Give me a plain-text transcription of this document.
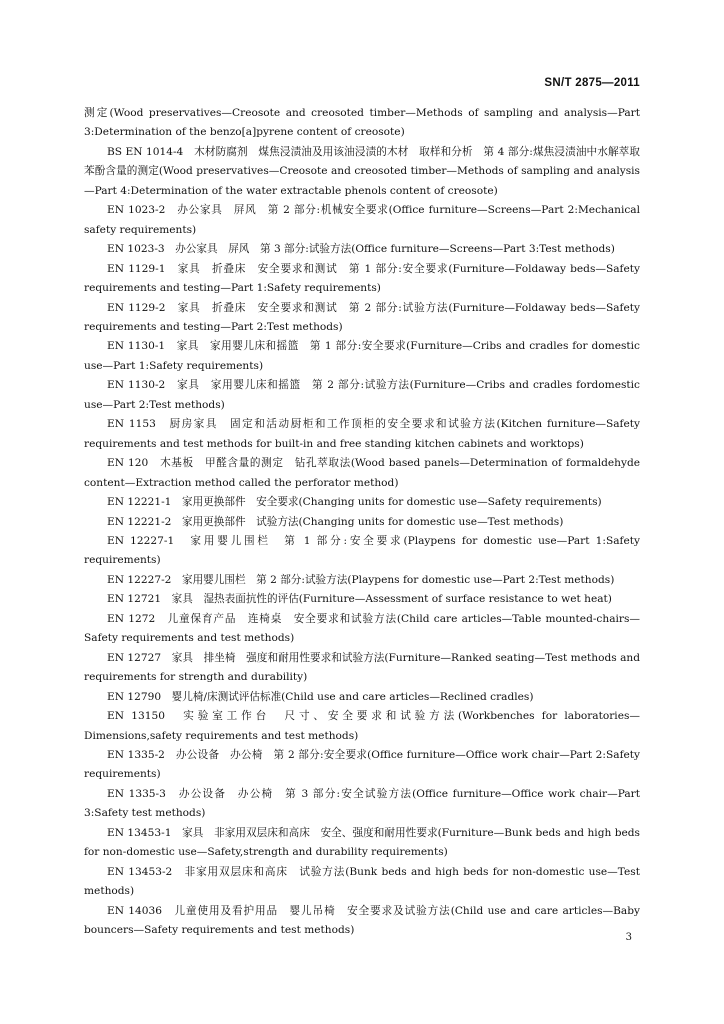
SN/T 2875—2011

测定(Wood preservatives—Creosote and creosoted timber—Methods of sampling and analysis—Part 3:Determination of the benzo[a]pyrene content of creosote)

BS EN 1014-4　木材防腐剂　煤焦浸渍油及用该油浸渍的木材　取样和分析　第 4 部分:煤焦浸渍油中水解萃取苯酚含量的测定(Wood preservatives—Creosote and creosoted timber—Methods of sampling and analysis—Part 4:Determination of the water extractable phenols content of creosote)

EN 1023-2　办公家具　屏风　第 2 部分:机械安全要求(Office furniture—Screens—Part 2:Mechanical safety requirements)

EN 1023-3　办公家具　屏风　第 3 部分:试验方法(Office furniture—Screens—Part 3:Test methods)

EN 1129-1　家具　折叠床　安全要求和测试　第 1 部分:安全要求(Furniture—Foldaway beds—Safety requirements and testing—Part 1:Safety requirements)

EN 1129-2　家具　折叠床　安全要求和测试　第 2 部分:试验方法(Furniture—Foldaway beds—Safety requirements and testing—Part 2:Test methods)

EN 1130-1　家具　家用婴儿床和摇篮　第 1 部分:安全要求(Furniture—Cribs and cradles for domestic use—Part 1:Safety requirements)

EN 1130-2　家具　家用婴儿床和摇篮　第 2 部分:试验方法(Furniture—Cribs and cradles fordomestic use—Part 2:Test methods)

EN 1153　厨房家具　固定和活动厨柜和工作顶柜的安全要求和试验方法(Kitchen furniture—Safety requirements and test methods for built-in and free standing kitchen cabinets and worktops)

EN 120　木基板　甲醛含量的测定　钻孔萃取法(Wood based panels—Determination of formaldehyde content—Extraction method called the perforator method)

EN 12221-1　家用更换部件　安全要求(Changing units for domestic use—Safety requirements)

EN 12221-2　家用更换部件　试验方法(Changing units for domestic use—Test methods)

EN 12227-1　家用婴儿围栏　第 1 部分:安全要求(Playpens for domestic use—Part 1:Safety requirements)

EN 12227-2　家用婴儿围栏　第 2 部分:试验方法(Playpens for domestic use—Part 2:Test methods)

EN 12721　家具　湿热表面抗性的评估(Furniture—Assessment of surface resistance to wet heat)

EN 1272　儿童保育产品　连椅桌　安全要求和试验方法(Child care articles—Table mounted-chairs—Safety requirements and test methods)

EN 12727　家具　排坐椅　强度和耐用性要求和试验方法(Furniture—Ranked seating—Test methods and requirements for strength and durability)

EN 12790　婴儿椅/床测试评估标准(Child use and care articles—Reclined cradles)

EN 13150　实验室工作台　尺寸、安全要求和试验方法(Workbenches for laboratories—Dimensions,safety requirements and test methods)

EN 1335-2　办公设备　办公椅　第 2 部分:安全要求(Office furniture—Office work chair—Part 2:Safety requirements)

EN 1335-3　办公设备　办公椅　第 3 部分:安全试验方法(Office furniture—Office work chair—Part 3:Safety test methods)

EN 13453-1　家具　非家用双层床和高床　安全、强度和耐用性要求(Furniture—Bunk beds and high beds for non-domestic use—Safety,strength and durability requirements)

EN 13453-2　非家用双层床和高床　试验方法(Bunk beds and high beds for non-domestic use—Test methods)

EN 14036　儿童使用及看护用品　婴儿吊椅　安全要求及试验方法(Child use and care articles—Baby bouncers—Safety requirements and test methods)

3
